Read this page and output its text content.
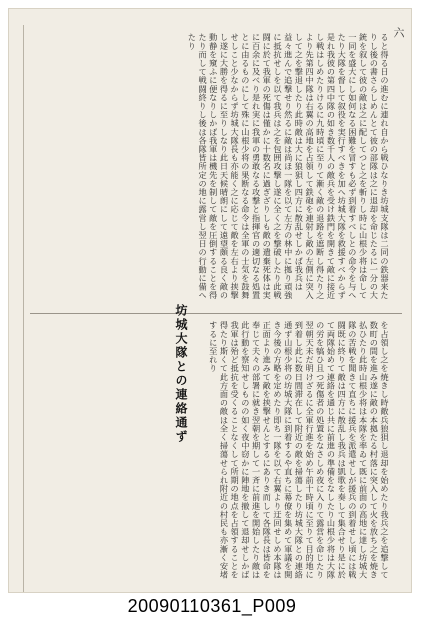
六
ると得る日の進むに連れ自から戦ひなりき坊城支隊は二同の鉄器来たりし後の書さらしめんとて彼の部隊は之に退却を命じたるに一分の大銃を叙して彼の敵は之に配してつと之を斬りし時に山根少将は命して一同を盛大にし如何なる困難を冒すも必ず到着すべしとの命令を与へたり大隊を督して叙役を実行すべきを加へ坊城大隊を救援すべからず是れ我彼の第四中隊の如き数千人の敵兵を受け鉄門を開きて敵に接近し戦はしめたりけるに九時頃に至りて漸く敵の退路を遮断し得たり之より先第四中隊は右翼の高地を占領して鉄砲を連射し敵の左側に突入して之を撃退したり此時敵は大に狼狽し四方に散乱せしかば我兵は益々進んで追撃せり然るに敵は尚ほ一隊を以て左方の林中に拠り頑強に抵抗せしを以て我兵は之を包囲攻撃し遂に全く之を撃破したり此戦闘に於て我軍の死傷は僅かに十数名に過ぎざりしも敵の遺棄死体は実に百余に及べり是れ実に我軍の勇敢なる攻撃と指揮官の適切なる処置とに由るものにして殊に山根少将の果断なる命令は全軍の士気を鼓舞せしこと少なからず坊城大隊長も亦能く之に応じて敵を左右より挟撃し遂に大勝を得るに至りしなり此日天候晴朗にして遠望頗る良く敵の動静を窺ふに便なりしかば我軍は機先を制して敵を圧倒することを得たり而して戦闘終りし後は各隊皆所定の地に露営し翌日の行動に備へたり
を占領し之を焼きし時敵兵狼狽し退却を始めたり我兵之を追撃して数町の間を進み遂に敵の本拠たる村落に突入して火を放ち之を焼き払ひたり此時山根少将は本隊を率ゐて既に前面の高地に達し坊城大隊の苦戦を聞きて直ちに援兵を派遣せしが援兵の到着せし頃には戦闘既に終りて敵は四方に散乱し我兵は凱歌を奏して集合せり是に於て両隊始めて連絡を通じ共に前進の準備をなしたり山根少将は大隊の労を犒ひ且つ死傷者の処置をなさしめ夜に入りて露営を命じたり翌朝天未だ明けざるに全軍行進を始め午前十時頃に至りて目的地に到着し此に数日間滞在して附近の敵を掃蕩したり坊城大隊との連絡通ず山根少将の坊城大隊に到着するや直ちに幕僚を集めて軍議を開き今後の方略を定めたり即ち一隊を以て右翼より迂回せしめ本隊は正面より進みて敵を挟撃せんとするにありき而して各隊長は皆命を奉じて夫々の部署に就き翌朝を期して一斉に前進を開始したり敵は此行動を察知せしものの如く夜中窃かに陣地を撤して退却せしかば我軍は殆ど抵抗を受くることなくして所期の地点を占領することを得たり斯くて此方面の敵は全く掃蕩せられ附近の村民も亦漸く安堵するに至れり
坊城大隊との連絡通ず
20090110361_P009
